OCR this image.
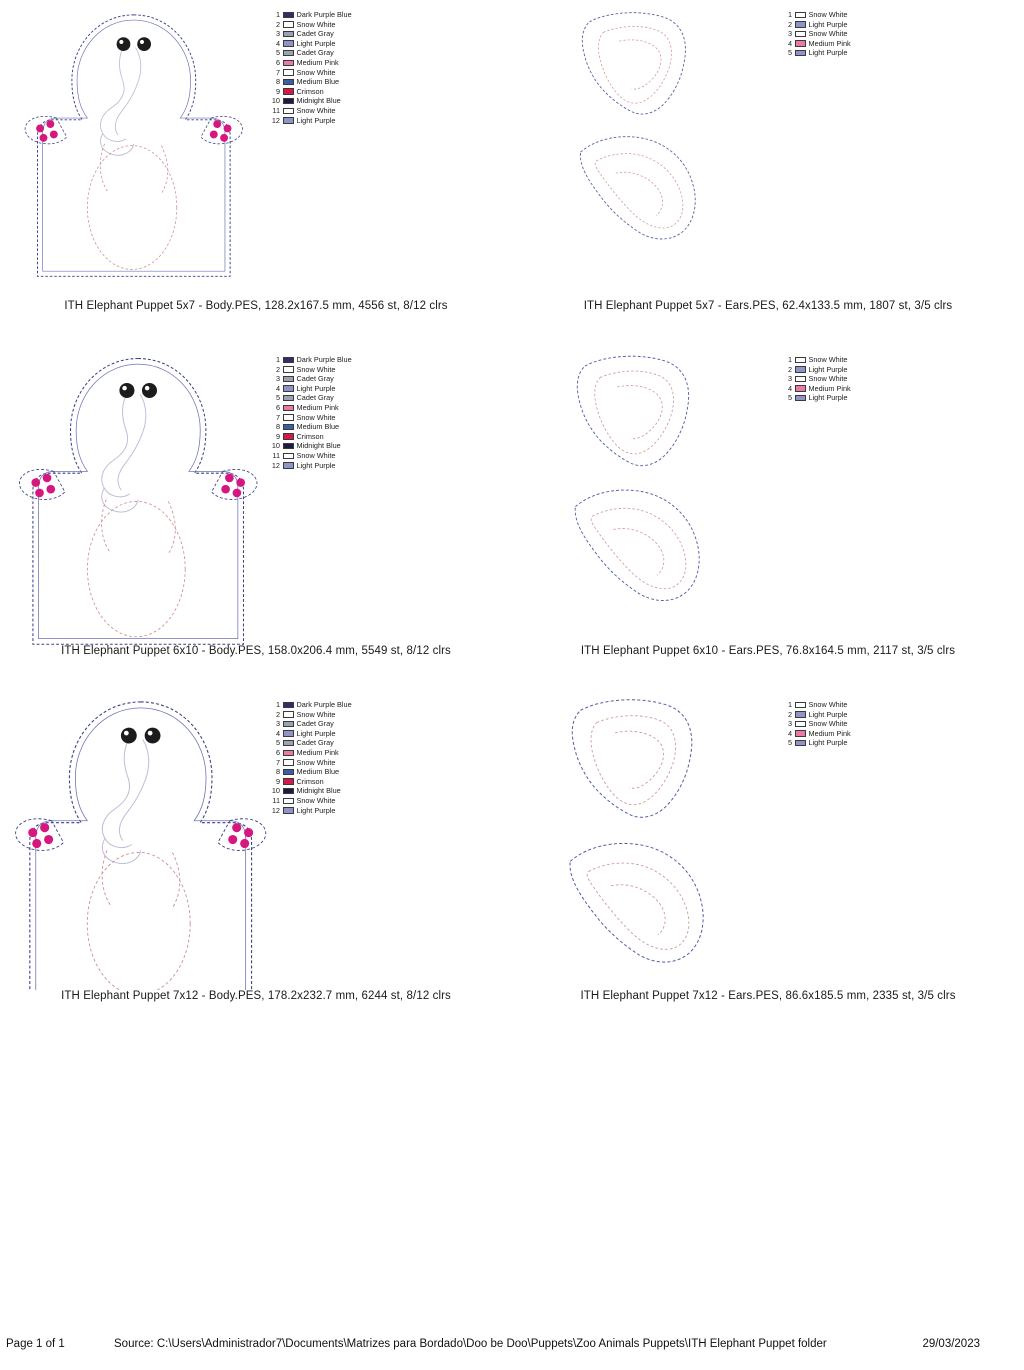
1 Dark Purple Blue
2 Snow White
3 Cadet Gray
4 Light Purple
5 Cadet Gray
6 Medium Pink
7 Snow White
8 Medium Blue
9 Crimson
10 Midnight Blue
11 Snow White
12 Light Purple
ITH Elephant Puppet 5x7 - Body.PES, 128.2x167.5 mm, 4556 st, 8/12 clrs
1 Snow White
2 Light Purple
3 Snow White
4 Medium Pink
5 Light Purple
ITH Elephant Puppet 5x7 - Ears.PES, 62.4x133.5 mm, 1807 st, 3/5 clrs
1 Dark Purple Blue
2 Snow White
3 Cadet Gray
4 Light Purple
5 Cadet Gray
6 Medium Pink
7 Snow White
8 Medium Blue
9 Crimson
10 Midnight Blue
11 Snow White
12 Light Purple
ITH Elephant Puppet 6x10 - Body.PES, 158.0x206.4 mm, 5549 st, 8/12 clrs
1 Snow White
2 Light Purple
3 Snow White
4 Medium Pink
5 Light Purple
ITH Elephant Puppet 6x10 - Ears.PES, 76.8x164.5 mm, 2117 st, 3/5 clrs
1 Dark Purple Blue
2 Snow White
3 Cadet Gray
4 Light Purple
5 Cadet Gray
6 Medium Pink
7 Snow White
8 Medium Blue
9 Crimson
10 Midnight Blue
11 Snow White
12 Light Purple
ITH Elephant Puppet 7x12 - Body.PES, 178.2x232.7 mm, 6244 st, 8/12 clrs
1 Snow White
2 Light Purple
3 Snow White
4 Medium Pink
5 Light Purple
ITH Elephant Puppet 7x12 - Ears.PES, 86.6x185.5 mm, 2335 st, 3/5 clrs
Page 1 of 1	Source: C:\Users\Administrador7\Documents\Matrizes para Bordado\Doo be Doo\Puppets\Zoo Animals Puppets\ITH Elephant Puppet folder	29/03/2023
